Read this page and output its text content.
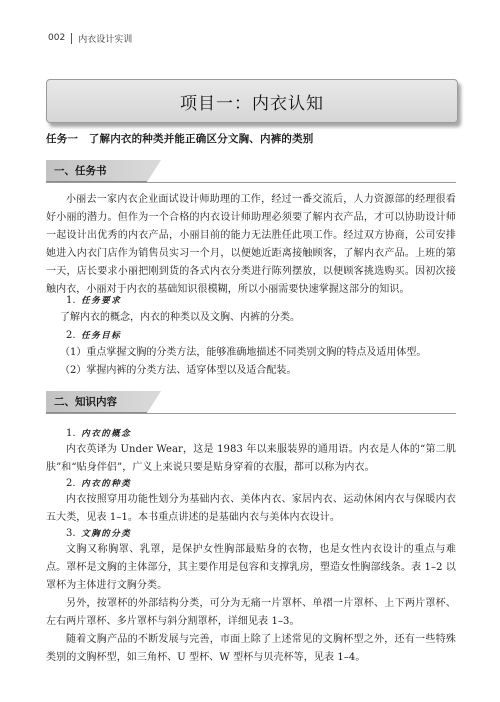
002 内衣设计实训
项目一：内衣认知
任务一　了解内衣的种类并能正确区分文胸、内裤的类别
一、任务书

小丽去一家内衣企业面试设计师助理的工作，经过一番交流后，人力资源部的经理很看好小丽的潜力。但作为一个合格的内衣设计师助理必须要了解内衣产品，才可以协助设计师一起设计出优秀的内衣产品，小丽目前的能力无法胜任此项工作。经过双方协商，公司安排她进入内衣门店作为销售员实习一个月，以便她近距离接触顾客，了解内衣产品。上班的第一天，店长要求小丽把刚到货的各式内衣分类进行陈列摆放，以便顾客挑选购买。因初次接触内衣，小丽对于内衣的基础知识很模糊，所以小丽需要快速掌握这部分的知识。

1. 任务要求
了解内衣的概念，内衣的种类以及文胸、内裤的分类。
2. 任务目标
（1）重点掌握文胸的分类方法，能够准确地描述不同类别文胸的特点及适用体型。
（2）掌握内裤的分类方法、适穿体型以及适合配装。
二、知识内容
1. 内衣的概念

内衣英译为 Under Wear，这是 1983 年以来服装界的通用语。内衣是人体的“第二肌肤”和“贴身伴侣”，广义上来说只要是贴身穿着的衣服，都可以称为内衣。

2. 内衣的种类

内衣按照穿用功能性划分为基础内衣、美体内衣、家居内衣、运动休闲内衣与保暖内衣五大类，见表 1–1。本书重点讲述的是基础内衣与美体内衣设计。

3. 文胸的分类

文胸又称胸罩、乳罩，是保护女性胸部最贴身的衣物，也是女性内衣设计的重点与难点。罩杯是文胸的主体部分，其主要作用是包容和支撑乳房，塑造女性胸部线条。表 1–2 以罩杯为主体进行文胸分类。

另外，按罩杯的外部结构分类，可分为无痛一片罩杯、单褶一片罩杯、上下两片罩杯、左右两片罩杯、多片罩杯与斜分割罩杯，详细见表 1–3。

随着文胸产品的不断发展与完善，市面上除了上述常见的文胸杯型之外，还有一些特殊类别的文胸杯型，如三角杯、U 型杯、W 型杯与贝壳杯等，见表 1–4。
